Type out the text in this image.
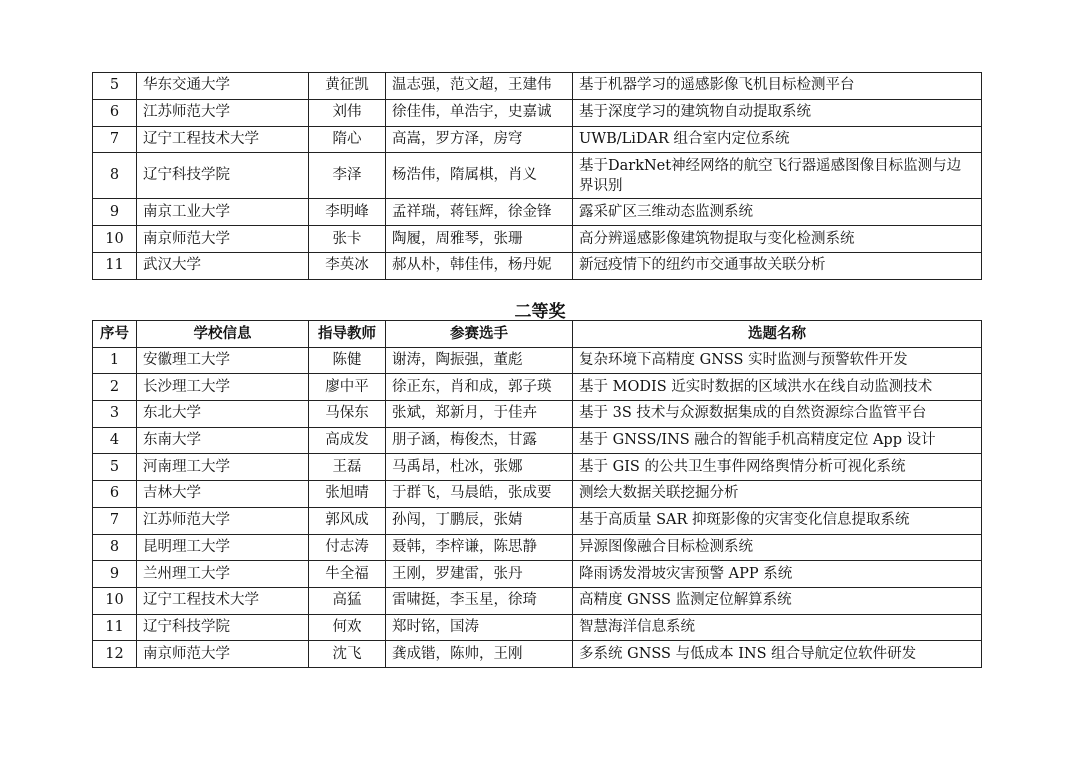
5	华东交通大学	黄征凯	温志强，范文超，王建伟	基于机器学习的遥感影像飞机目标检测平台
6	江苏师范大学	刘伟	徐佳伟，单浩宇，史嘉诚	基于深度学习的建筑物自动提取系统
7	辽宁工程技术大学	隋心	高嵩，罗方泽，房穹	UWB/LiDAR 组合室内定位系统
8	辽宁科技学院	李泽	杨浩伟，隋属棋，肖义	基于DarkNet神经网络的航空飞行器遥感图像目标监测与边界识别
9	南京工业大学	李明峰	孟祥瑞，蒋钰辉，徐金锋	露采矿区三维动态监测系统
10	南京师范大学	张卡	陶履，周雅琴，张珊	高分辨遥感影像建筑物提取与变化检测系统
11	武汉大学	李英冰	郝从朴，韩佳伟，杨丹妮	新冠疫情下的纽约市交通事故关联分析
二等奖
序号	学校信息	指导教师	参赛选手	选题名称
1	安徽理工大学	陈健	谢涛，陶振强，董彪	复杂环境下高精度 GNSS 实时监测与预警软件开发
2	长沙理工大学	廖中平	徐正东，肖和成，郭子瑛	基于 MODIS 近实时数据的区域洪水在线自动监测技术
3	东北大学	马保东	张斌，郑新月，于佳卉	基于 3S 技术与众源数据集成的自然资源综合监管平台
4	东南大学	高成发	朋子涵，梅俊杰，甘露	基于 GNSS/INS 融合的智能手机高精度定位 App 设计
5	河南理工大学	王磊	马禹昂，杜冰，张娜	基于 GIS 的公共卫生事件网络舆情分析可视化系统
6	吉林大学	张旭晴	于群飞，马晨皓，张成要	测绘大数据关联挖掘分析
7	江苏师范大学	郭风成	孙闯，丁鹏辰，张婧	基于高质量 SAR 抑斑影像的灾害变化信息提取系统
8	昆明理工大学	付志涛	聂韩，李梓谦，陈思静	异源图像融合目标检测系统
9	兰州理工大学	牛全福	王刚，罗建雷，张丹	降雨诱发滑坡灾害预警 APP 系统
10	辽宁工程技术大学	高猛	雷啸挺，李玉星，徐琦	高精度 GNSS 监测定位解算系统
11	辽宁科技学院	何欢	郑时铭，国涛	智慧海洋信息系统
12	南京师范大学	沈飞	龚成锴，陈帅，王刚	多系统 GNSS 与低成本 INS 组合导航定位软件研发
